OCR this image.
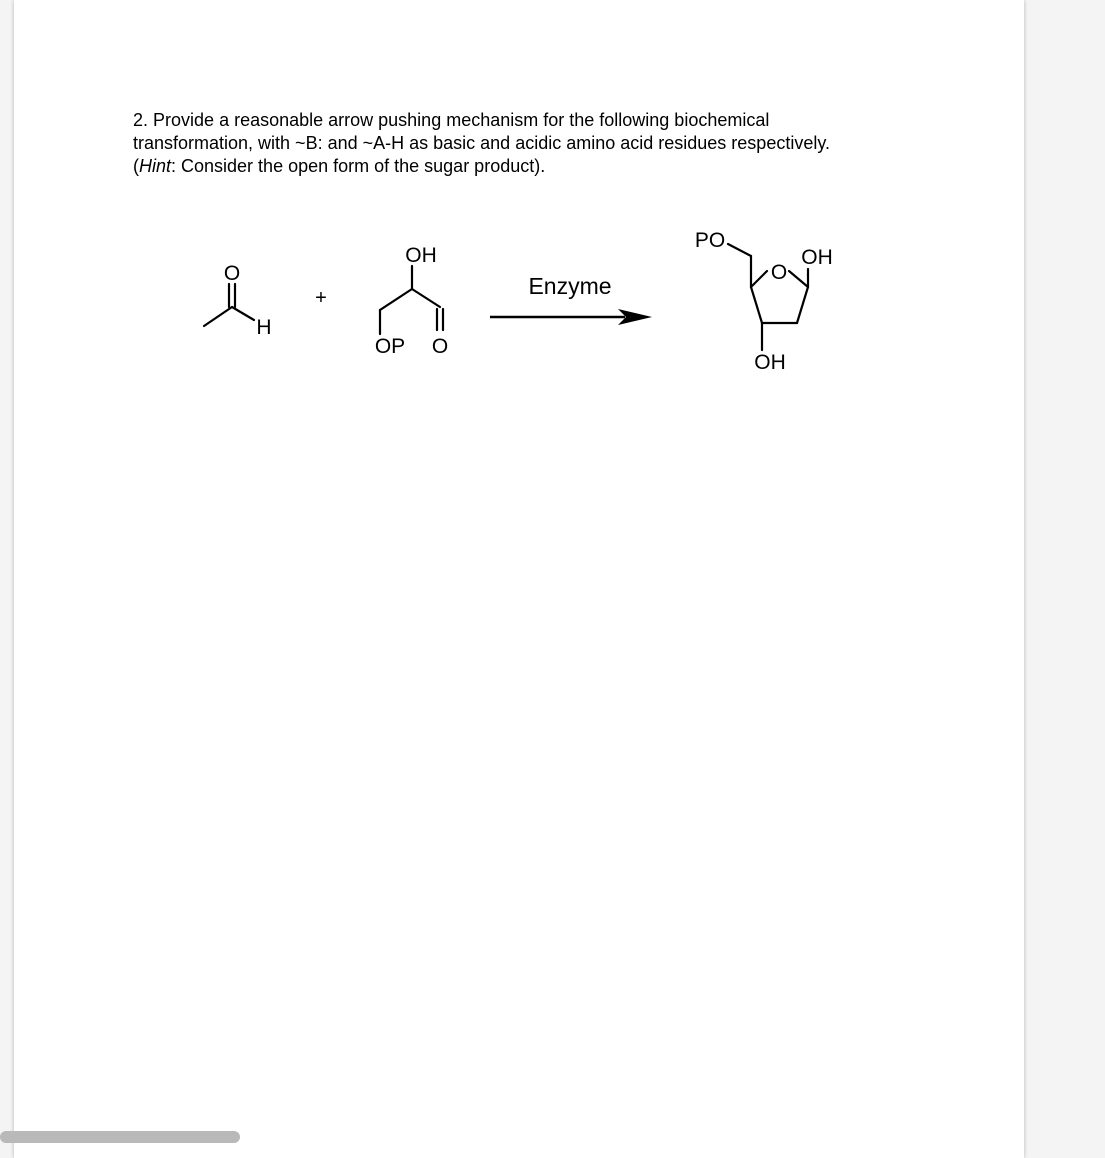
2. Provide a reasonable arrow pushing mechanism for the following biochemical

transformation, with ~B: and ~A-H as basic and acidic amino acid residues respectively.

(Hint: Consider the open form of the sugar product).

O
H
+
OH
OP O
Enzyme
PO
O
OH
OH
